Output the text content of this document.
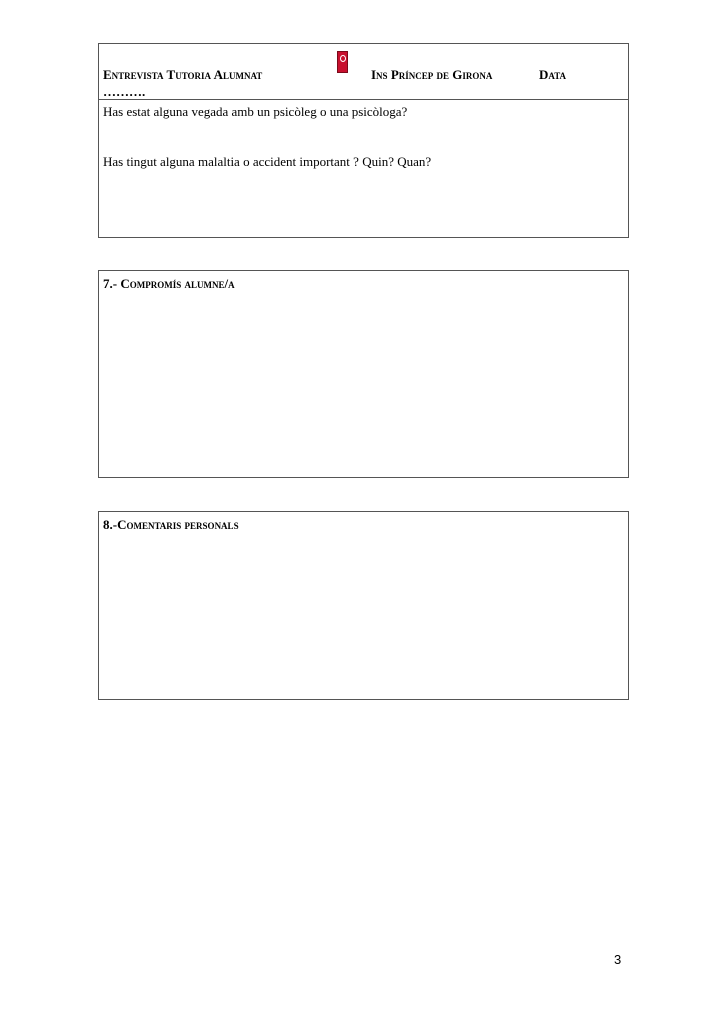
Entrevista Tutoria Alumnat	Ins Príncep de Girona	Data
……….
Has estat alguna vegada amb un psicòleg o una psicòloga?
Has tingut alguna malaltia o accident important ? Quin? Quan?
7.- Compromís alumne/a
8.-Comentaris personals
3
